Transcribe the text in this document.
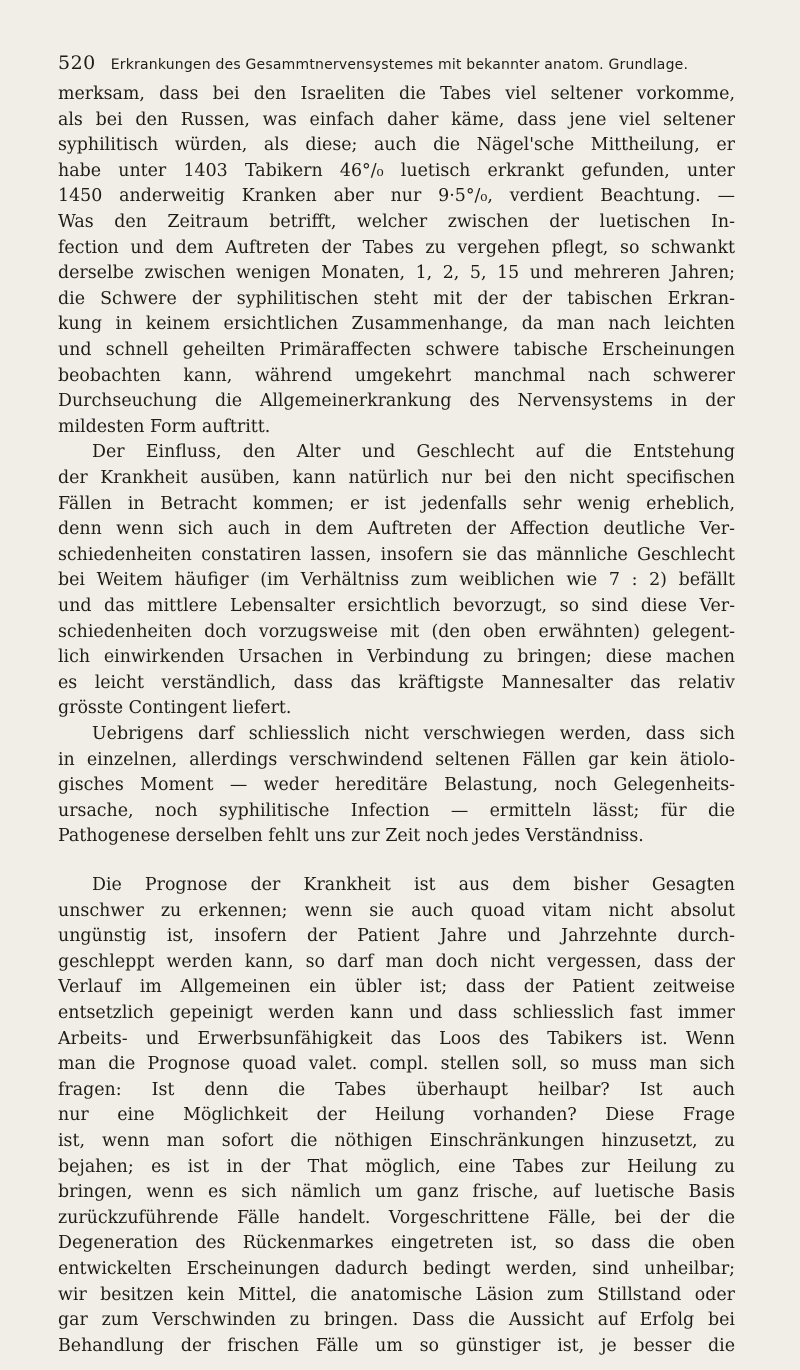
520 Erkrankungen des Gesammtnervensystemes mit bekannter anatom. Grundlage.
merksam, dass bei den Israeliten die Tabes viel seltener vorkomme,
als bei den Russen, was einfach daher käme, dass jene viel seltener
syphilitisch würden, als diese; auch die Nägel'sche Mittheilung, er
habe unter 1403 Tabikern 46°/₀ luetisch erkrankt gefunden, unter
1450 anderweitig Kranken aber nur 9·5°/₀, verdient Beachtung. —
Was den Zeitraum betrifft, welcher zwischen der luetischen In-
fection und dem Auftreten der Tabes zu vergehen pflegt, so schwankt
derselbe zwischen wenigen Monaten, 1, 2, 5, 15 und mehreren Jahren;
die Schwere der syphilitischen steht mit der der tabischen Erkran-
kung in keinem ersichtlichen Zusammenhange, da man nach leichten
und schnell geheilten Primäraffecten schwere tabische Erscheinungen
beobachten kann, während umgekehrt manchmal nach schwerer
Durchseuchung die Allgemeinerkrankung des Nervensystems in der
mildesten Form auftritt.
Der Einfluss, den Alter und Geschlecht auf die Entstehung
der Krankheit ausüben, kann natürlich nur bei den nicht specifischen
Fällen in Betracht kommen; er ist jedenfalls sehr wenig erheblich,
denn wenn sich auch in dem Auftreten der Affection deutliche Ver-
schiedenheiten constatiren lassen, insofern sie das männliche Geschlecht
bei Weitem häufiger (im Verhältniss zum weiblichen wie 7 : 2) befällt
und das mittlere Lebensalter ersichtlich bevorzugt, so sind diese Ver-
schiedenheiten doch vorzugsweise mit (den oben erwähnten) gelegent-
lich einwirkenden Ursachen in Verbindung zu bringen; diese machen
es leicht verständlich, dass das kräftigste Mannesalter das relativ
grösste Contingent liefert.
Uebrigens darf schliesslich nicht verschwiegen werden, dass sich
in einzelnen, allerdings verschwindend seltenen Fällen gar kein ätiolo-
gisches Moment — weder hereditäre Belastung, noch Gelegenheits-
ursache, noch syphilitische Infection — ermitteln lässt; für die
Pathogenese derselben fehlt uns zur Zeit noch jedes Verständniss.
Die Prognose der Krankheit ist aus dem bisher Gesagten
unschwer zu erkennen; wenn sie auch quoad vitam nicht absolut
ungünstig ist, insofern der Patient Jahre und Jahrzehnte durch-
geschleppt werden kann, so darf man doch nicht vergessen, dass der
Verlauf im Allgemeinen ein übler ist; dass der Patient zeitweise
entsetzlich gepeinigt werden kann und dass schliesslich fast immer
Arbeits- und Erwerbsunfähigkeit das Loos des Tabikers ist. Wenn
man die Prognose quoad valet. compl. stellen soll, so muss man sich
fragen: Ist denn die Tabes überhaupt heilbar? Ist auch
nur eine Möglichkeit der Heilung vorhanden? Diese Frage
ist, wenn man sofort die nöthigen Einschränkungen hinzusetzt, zu
bejahen; es ist in der That möglich, eine Tabes zur Heilung zu
bringen, wenn es sich nämlich um ganz frische, auf luetische Basis
zurückzuführende Fälle handelt. Vorgeschrittene Fälle, bei der die
Degeneration des Rückenmarkes eingetreten ist, so dass die oben
entwickelten Erscheinungen dadurch bedingt werden, sind unheilbar;
wir besitzen kein Mittel, die anatomische Läsion zum Stillstand oder
gar zum Verschwinden zu bringen. Dass die Aussicht auf Erfolg bei
Behandlung der frischen Fälle um so günstiger ist, je besser die
